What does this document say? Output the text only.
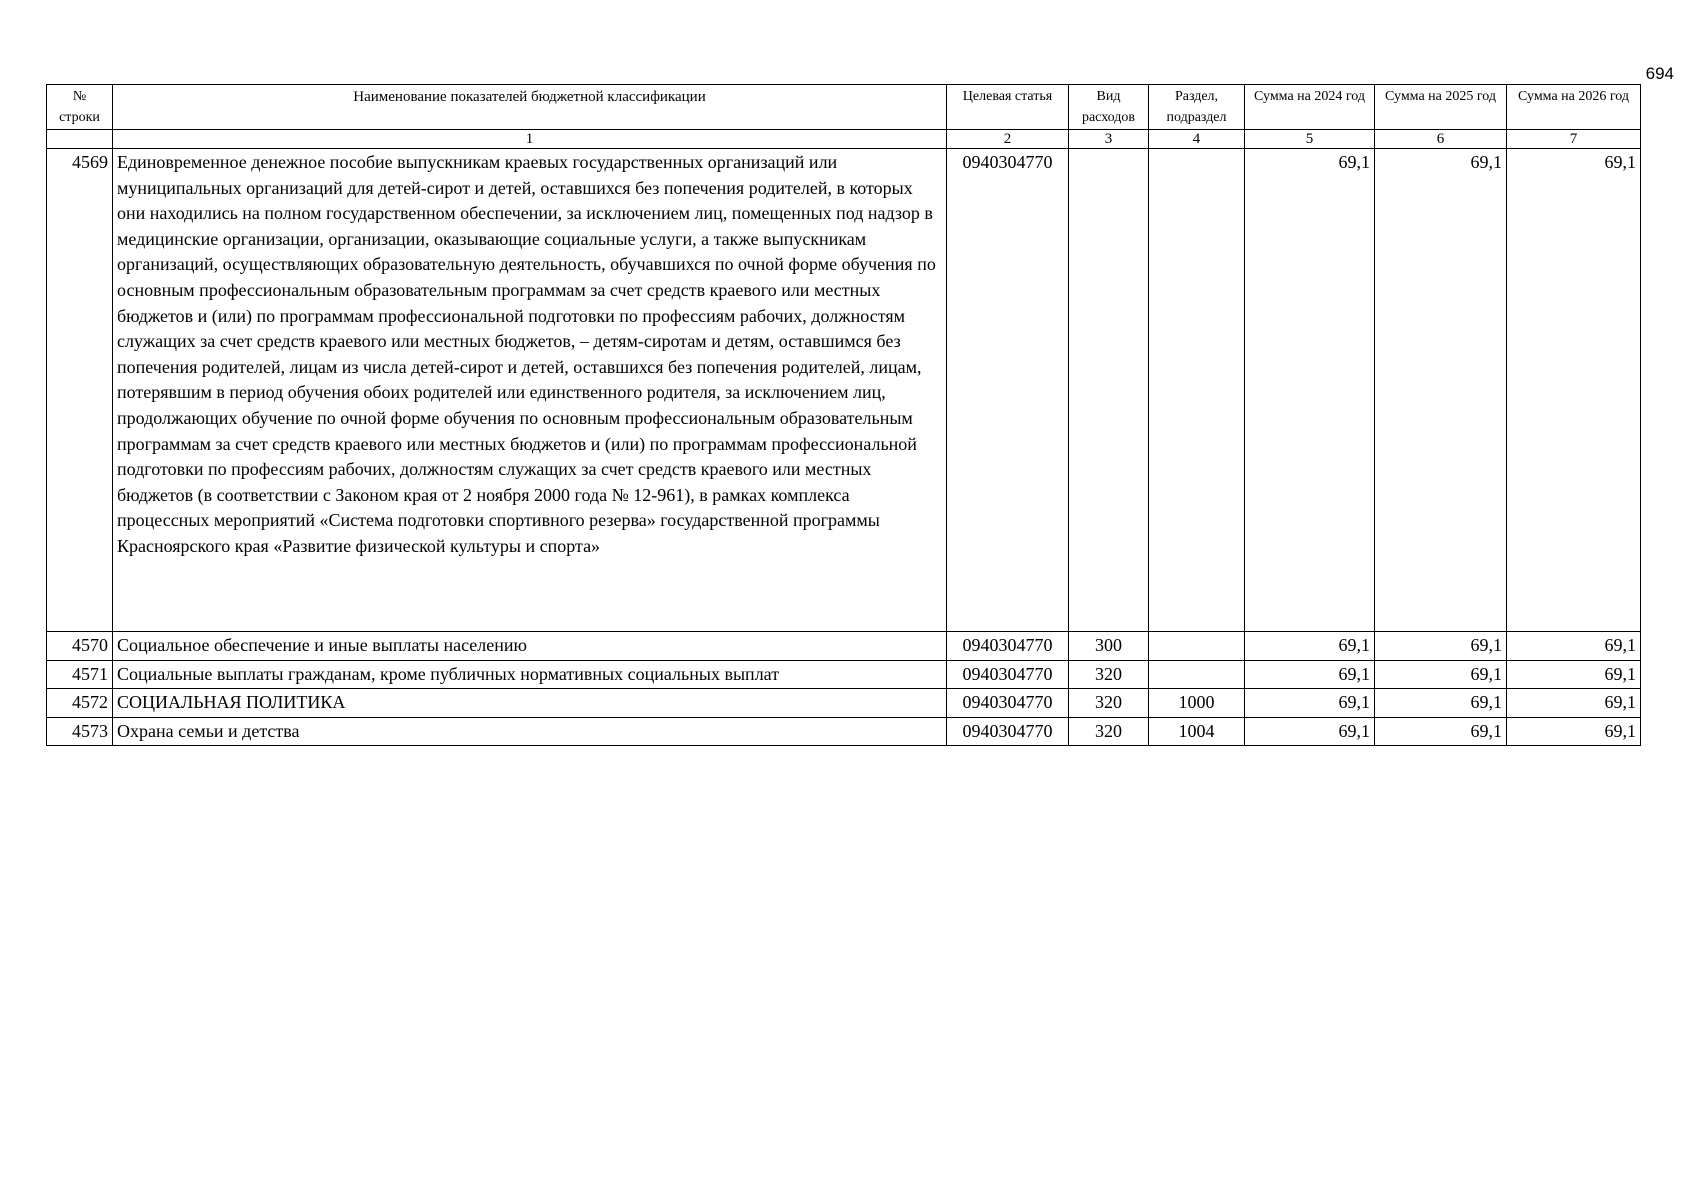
694
№ строки	Наименование показателей бюджетной классификации	Целевая статья	Вид расходов	Раздел, подраздел	Сумма на 2024 год	Сумма на 2025 год	Сумма на 2026 год
	1	2	3	4	5	6	7
4569	Единовременное денежное пособие выпускникам краевых государственных организаций или муниципальных организаций для детей-сирот и детей, оставшихся без попечения родителей, в которых они находились на полном государственном обеспечении, за исключением лиц, помещенных под надзор в медицинские организации, организации, оказывающие социальные услуги, а также выпускникам организаций, осуществляющих образовательную деятельность, обучавшихся по очной форме обучения по основным профессиональным образовательным программам за счет средств краевого или местных бюджетов и (или) по программам профессиональной подготовки по профессиям рабочих, должностям служащих за счет средств краевого или местных бюджетов, – детям-сиротам и детям, оставшимся без попечения родителей, лицам из числа детей-сирот и детей, оставшихся без попечения родителей, лицам, потерявшим в период обучения обоих родителей или единственного родителя, за исключением лиц, продолжающих обучение по очной форме обучения по основным профессиональным образовательным программам за счет средств краевого или местных бюджетов и (или) по программам профессиональной подготовки по профессиям рабочих, должностям служащих за счет средств краевого или местных бюджетов (в соответствии с Законом края от 2 ноября 2000 года № 12-961), в рамках комплекса процессных мероприятий «Система подготовки спортивного резерва» государственной программы Красноярского края «Развитие физической культуры и спорта»	0940304770			69,1	69,1	69,1
4570	Социальное обеспечение и иные выплаты населению	0940304770	300		69,1	69,1	69,1
4571	Социальные выплаты гражданам, кроме публичных нормативных социальных выплат	0940304770	320		69,1	69,1	69,1
4572	СОЦИАЛЬНАЯ ПОЛИТИКА	0940304770	320	1000	69,1	69,1	69,1
4573	Охрана семьи и детства	0940304770	320	1004	69,1	69,1	69,1
